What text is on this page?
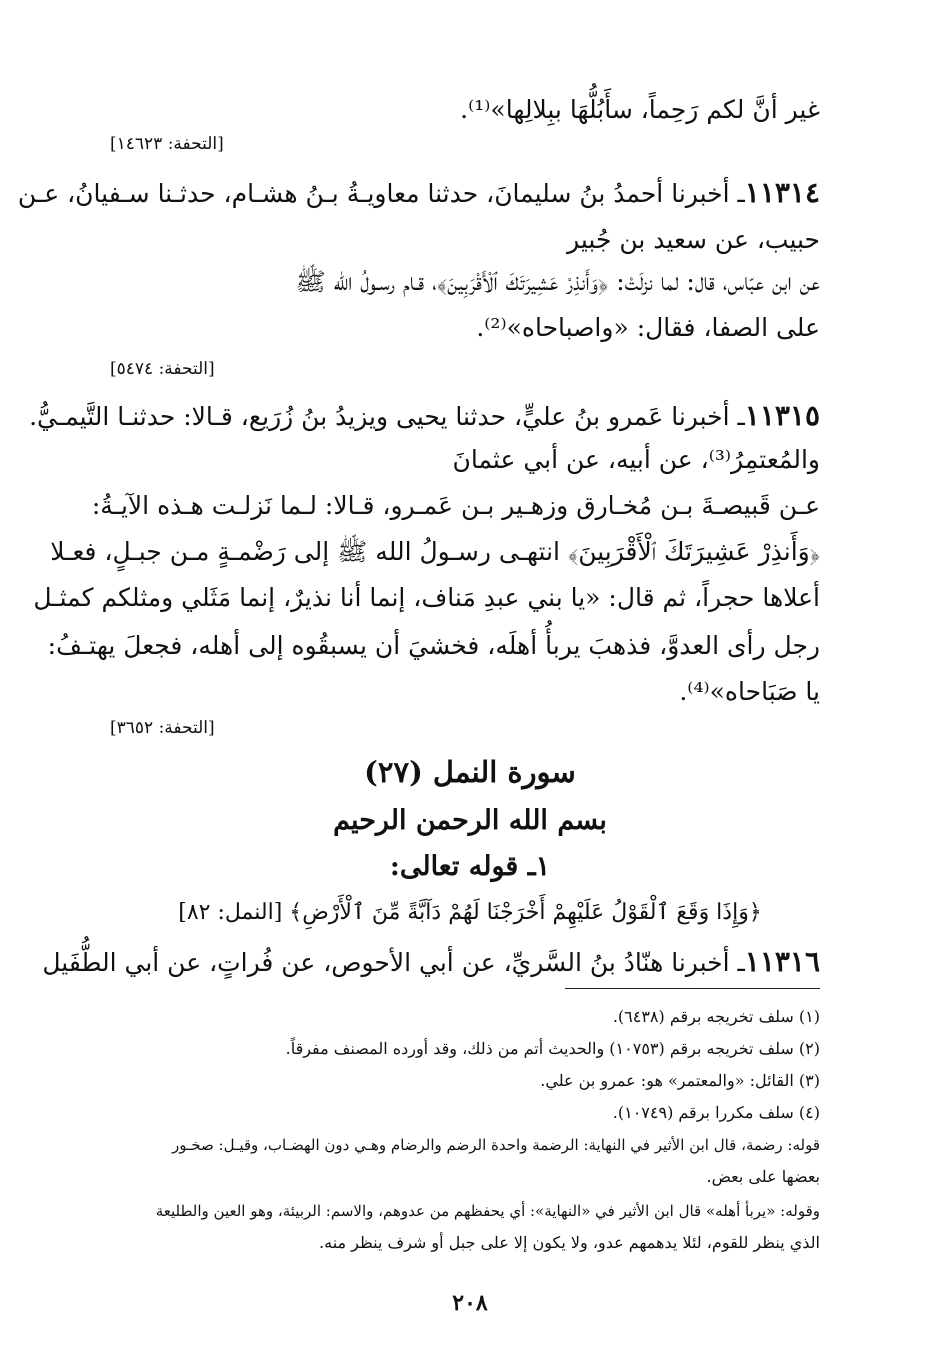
غير أنَّ لكم رَحِماً، سأَبُلُّهَا ببِلالِها»⁽¹⁾.
[التحفة: ١٤٦٢٣]
١١٣١٤ـ أخبرنا أحمدُ بنُ سليمانَ، حدثنا معاويـةُ بـنُ هشـام، حدثـنا سـفيانُ، عـن
حبيب، عن سعيد بن جُبير
عن ابن عبّاس، قال: لما نزلَتْ: ﴿وَأَنذِرْ عَشِيرَتَكَ ٱلْأَقْرَبِينَ﴾، قـام رسـولُ الله ﷺ
على الصفا، فقال: «واصباحاه»⁽²⁾.
[التحفة: ٥٤٧٤]
١١٣١٥ـ أخبرنا عَمرو بنُ عليٍّ، حدثنا يحيى ويزيدُ بنُ زُرَيع، قـالا: حدثنـا التَّيمـيُّ.
والمُعتمِرُ⁽³⁾، عن أبيه، عن أبي عثمانَ
عـن قَبيصـةَ بـن مُخـارق وزهـير بـن عَمـرو، قـالا: لـما نَزلـت هـذه الآيـةُ:
﴿وَأَنذِرْ عَشِيرَتَكَ ٱلْأَقْرَبِينَ﴾ انتهـى رسـولُ الله ﷺ إلى رَضْمـةٍ مـن جبـلٍ، فعـلا
أعلاها حجراً، ثم قال: «يا بني عبدِ مَناف، إنما أنا نذيرٌ، إنما مَثَلي ومثلكم كمثـل
رجل رأى العدوَّ، فذهبَ يربأُ أهلَه، فخشيَ أن يسبقُوه إلى أهله، فجعلَ يهتـفُ:
يا صَبَاحاه»⁽⁴⁾.
[التحفة: ٣٦٥٢]
سورة النمل (٢٧)
بسم الله الرحمن الرحيم
١ـ قوله تعالى:
﴿وَإِذَا وَقَعَ ٱلْقَوْلُ عَلَيْهِمْ أَخْرَجْنَا لَهُمْ دَآبَّةً مِّنَ ٱلْأَرْضِ﴾ [النمل: ٨٢]
١١٣١٦ـ أخبرنا هنّادُ بنُ السَّريِّ، عن أبي الأحوص، عن فُراتٍ، عن أبي الطُّفَيل
(١) سلف تخريجه برقم (٦٤٣٨).
(٢) سلف تخريجه برقم (١٠٧٥٣) والحديث أتم من ذلك، وقد أورده المصنف مفرقاً.
(٣) القائل: «والمعتمر» هو: عمرو بن علي.
(٤) سلف مكررا برقم (١٠٧٤٩).
قوله: رضمة، قال ابن الأثير في النهاية: الرضمة واحدة الرضم والرضام وهـي دون الهضـاب، وقيـل: صخـور
بعضها على بعض.
وقوله: «يربأ أهله» قال ابن الأثير في «النهاية»: أي يحفظهم من عدوهم، والاسم: الربيئة، وهو العين والطليعة
الذي ينظر للقوم، لئلا يدهمهم عدو، ولا يكون إلا على جبل أو شرف ينظر منه.
٢٠٨
